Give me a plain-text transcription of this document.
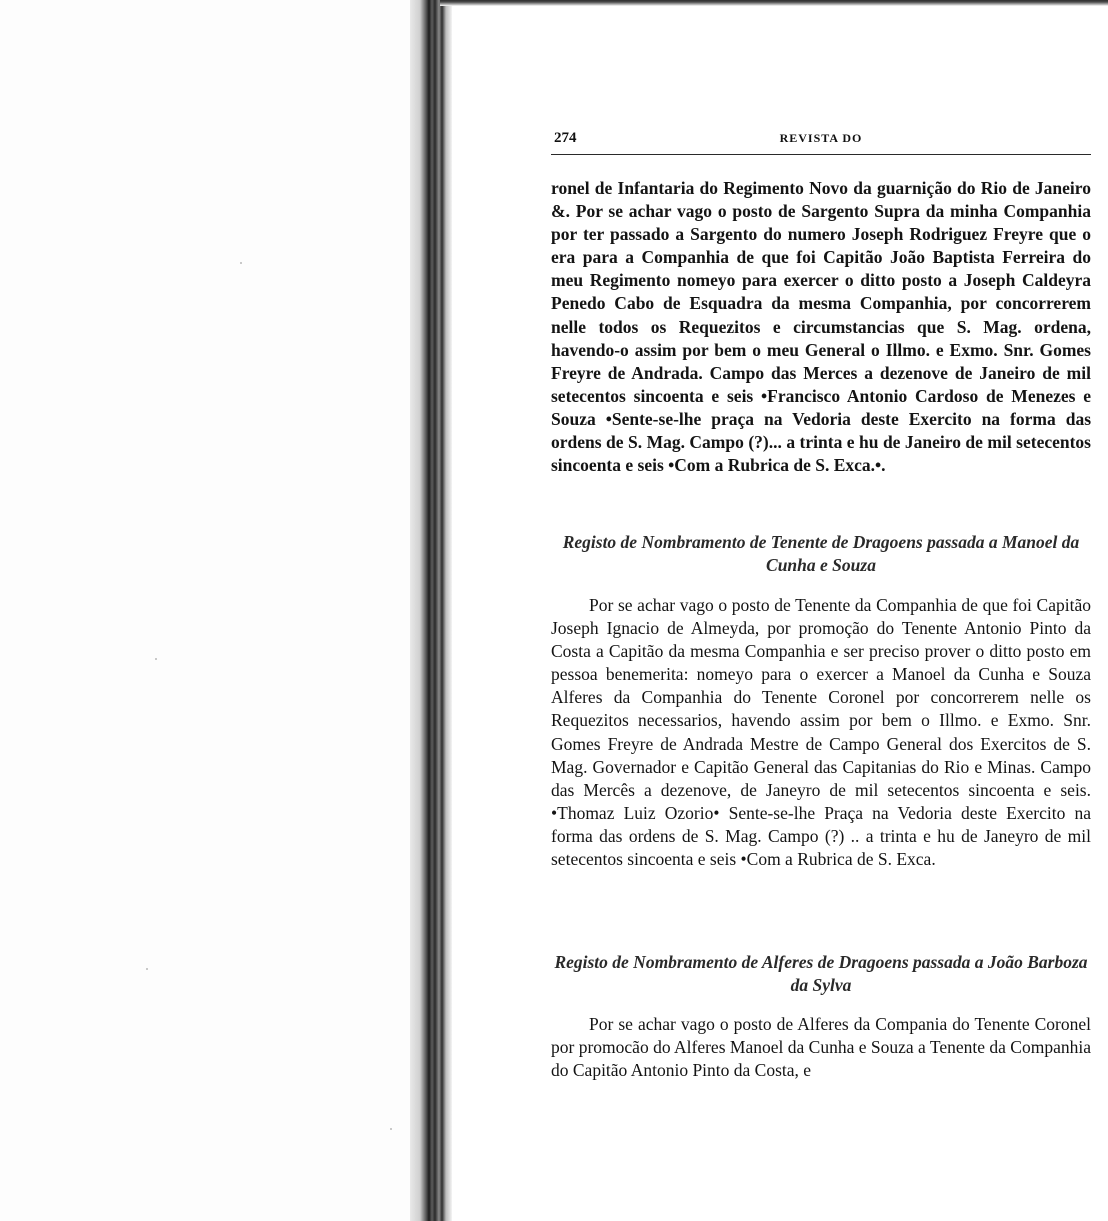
274	REVISTA DO

ronel de Infantaria do Regimento Novo da guarnição do Rio de Janeiro &. Por se achar vago o posto de Sargento Supra da minha Companhia por ter passado a Sargento do numero Joseph Rodriguez Freyre que o era para a Companhia de que foi Capitão João Baptista Ferreira do meu Regimento nomeyo para exercer o ditto posto a Joseph Caldeyra Penedo Cabo de Esquadra da mesma Companhia, por concorrerem nelle todos os Requezitos e circumstancias que S. Mag. ordena, havendo-o assim por bem o meu General o Illmo. e Exmo. Snr. Gomes Freyre de Andrada. Campo das Merces a dezenove de Janeiro de mil setecentos sincoenta e seis •Francisco Antonio Cardoso de Menezes e Souza •Sente-se-lhe praça na Vedoria deste Exercito na forma das ordens de S. Mag. Campo (?)... a trinta e hu de Janeiro de mil setecentos sincoenta e seis •Com a Rubrica de S. Exca.•.

Registo de Nombramento de Tenente de Dragoens passada a Manoel da Cunha e Souza

Por se achar vago o posto de Tenente da Companhia de que foi Capitão Joseph Ignacio de Almeyda, por promoção do Tenente Antonio Pinto da Costa a Capitão da mesma Companhia e ser preciso prover o ditto posto em pessoa benemerita: nomeyo para o exercer a Manoel da Cunha e Souza Alferes da Companhia do Tenente Coronel por concorrerem nelle os Requezitos necessarios, havendo assim por bem o Illmo. e Exmo. Snr. Gomes Freyre de Andrada Mestre de Campo General dos Exercitos de S. Mag. Governador e Capitão General das Capitanias do Rio e Minas. Campo das Mercês a dezenove, de Janeyro de mil setecentos sincoenta e seis. •Thomaz Luiz Ozorio• Sente-se-lhe Praça na Vedoria deste Exercito na forma das ordens de S. Mag. Campo (?) .. a trinta e hu de Janeyro de mil setecentos sincoenta e seis •Com a Rubrica de S. Exca.

Registo de Nombramento de Alferes de Dragoens passada a João Barboza da Sylva

Por se achar vago o posto de Alferes da Compania do Tenente Coronel por promocão do Alferes Manoel da Cunha e Souza a Tenente da Companhia do Capitão Antonio Pinto da Costa, e
